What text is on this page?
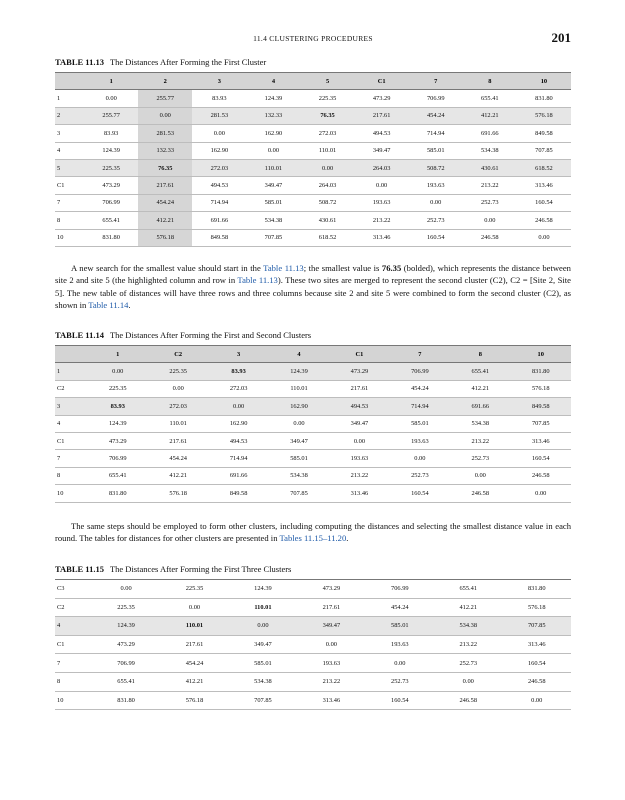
11.4 CLUSTERING PROCEDURES	201
TABLE 11.13 The Distances After Forming the First Cluster
	1	2	3	4	5	C1	7	8	10
1	0.00	255.77	83.93	124.39	225.35	473.29	706.99	655.41	831.80
2	255.77	0.00	281.53	132.33	76.35	217.61	454.24	412.21	576.18
3	83.93	281.53	0.00	162.90	272.03	494.53	714.94	691.66	849.58
4	124.39	132.33	162.90	0.00	110.01	349.47	585.01	534.38	707.85
5	225.35	76.35	272.03	110.01	0.00	264.03	508.72	430.61	618.52
C1	473.29	217.61	494.53	349.47	264.03	0.00	193.63	213.22	313.46
7	706.99	454.24	714.94	585.01	508.72	193.63	0.00	252.73	160.54
8	655.41	412.21	691.66	534.38	430.61	213.22	252.73	0.00	246.58
10	831.80	576.18	849.58	707.85	618.52	313.46	160.54	246.58	0.00

A new search for the smallest value should start in the Table 11.13; the smallest value is 76.35 (bolded), which represents the distance between site 2 and site 5 (the highlighted column and row in Table 11.13). These two sites are merged to represent the second cluster (C2), C2 = [Site 2, Site 5]. The new table of distances will have three rows and three columns because site 2 and site 5 were combined to form the second cluster (C2), as shown in Table 11.14.

TABLE 11.14 The Distances After Forming the First and Second Clusters
	1	C2	3	4	C1	7	8	10
1	0.00	225.35	83.93	124.39	473.29	706.99	655.41	831.80
C2	225.35	0.00	272.03	110.01	217.61	454.24	412.21	576.18
3	83.93	272.03	0.00	162.90	494.53	714.94	691.66	849.58
4	124.39	110.01	162.90	0.00	349.47	585.01	534.38	707.85
C1	473.29	217.61	494.53	349.47	0.00	193.63	213.22	313.46
7	706.99	454.24	714.94	585.01	193.63	0.00	252.73	160.54
8	655.41	412.21	691.66	534.38	213.22	252.73	0.00	246.58
10	831.80	576.18	849.58	707.85	313.46	160.54	246.58	0.00

The same steps should be employed to form other clusters, including computing the distances and selecting the smallest distance value in each round. The tables for distances for other clusters are presented in Tables 11.15–11.20.

TABLE 11.15 The Distances After Forming the First Three Clusters
C3	0.00	225.35	124.39	473.29	706.99	655.41	831.80
C2	225.35	0.00	110.01	217.61	454.24	412.21	576.18
4	124.39	110.01	0.00	349.47	585.01	534.38	707.85
C1	473.29	217.61	349.47	0.00	193.63	213.22	313.46
7	706.99	454.24	585.01	193.63	0.00	252.73	160.54
8	655.41	412.21	534.38	213.22	252.73	0.00	246.58
10	831.80	576.18	707.85	313.46	160.54	246.58	0.00
